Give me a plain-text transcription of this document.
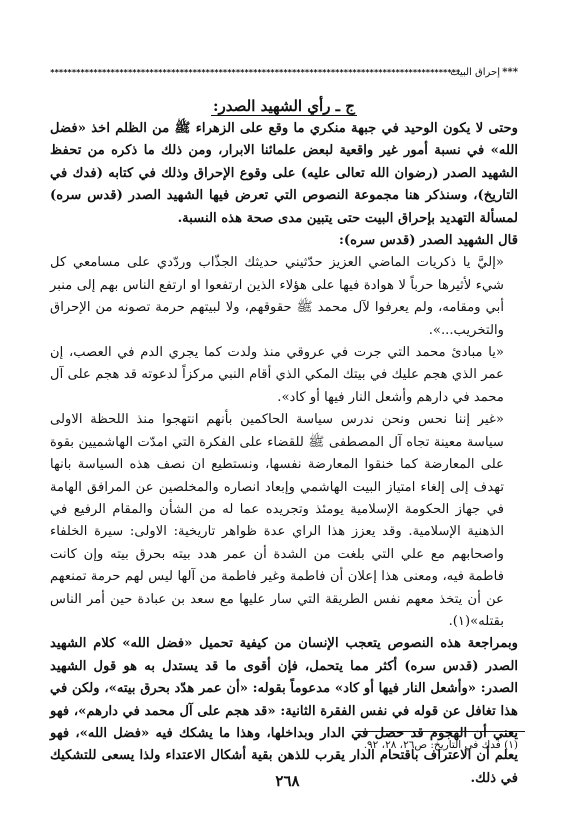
***********************************************************************************************
إحراق البيت ***
ج ـ رأي الشهيد الصدر:

وحتى لا يكون الوحيد في جبهة منكري ما وقع على الزهراء ﷺ من الظلم اخذ «فضل الله» في نسبة أمور غير واقعية لبعض علمائنا الابرار، ومن ذلك ما ذكره من تحفظ الشهيد الصدر (رضوان الله تعالى عليه) على وقوع الإحراق وذلك في كتابه (فدك في التاريخ)، وسنذكر هنا مجموعة النصوص التي تعرض فيها الشهيد الصدر (قدس سره) لمسألة التهديد بإحراق البيت حتى يتبين مدى صحة هذه النسبة.

قال الشهيد الصدر (قدس سره):

«إليَّ يا ذكريات الماضي العزيز حدّثيني حديثك الجذّاب وردّدي على مسامعي كل شيء لأثيرها حرباً لا هوادة فيها على هؤلاء الذين ارتفعوا او ارتفع الناس بهم إلى منبر أبي ومقامه، ولم يعرفوا لآل محمد ﷺ حقوقهم، ولا لبيتهم حرمة تصونه من الإحراق والتخريب...».

«يا مبادئ محمد التي جرت في عروقي منذ ولدت كما يجري الدم في العصب، إن عمر الذي هجم عليك في بيتك المكي الذي أقام النبي مركزاً لدعوته قد هجم على آل محمد في دارهم وأشعل النار فيها أو كاد».

«غير إننا نحس ونحن ندرس سياسة الحاكمين بأنهم انتهجوا منذ اللحظة الاولى سياسة معينة تجاه آل المصطفى ﷺ للقضاء على الفكرة التي امدّت الهاشميين بقوة على المعارضة كما خنقوا المعارضة نفسها، ونستطيع ان نصف هذه السياسة بانها تهدف إلى إلغاء امتياز البيت الهاشمي وإبعاد انصاره والمخلصين عن المرافق الهامة في جهاز الحكومة الإسلامية يومئذ وتجريده عما له من الشأن والمقام الرفيع في الذهنية الإسلامية. وقد يعزز هذا الراي عدة ظواهر تاريخية: الاولى: سيرة الخلفاء واصحابهم مع علي التي بلغت من الشدة أن عمر هدد بيته بحرق بيته وإن كانت فاطمة فيه، ومعنى هذا إعلان أن فاطمة وغير فاطمة من آلها ليس لهم حرمة تمنعهم عن أن يتخذ معهم نفس الطريقة التي سار عليها مع سعد بن عبادة حين أمر الناس بقتله»(١).

وبمراجعة هذه النصوص يتعجب الإنسان من كيفية تحميل «فضل الله» كلام الشهيد الصدر (قدس سره) أكثر مما يتحمل، فإن أقوى ما قد يستدل به هو قول الشهيد الصدر: «وأشعل النار فيها أو كاد» مدعوماً بقوله: «أن عمر هدّد بحرق بيته»، ولكن في هذا تغافل عن قوله في نفس الفقرة الثانية: «قد هجم على آل محمد في دارهم»، فهو يعني أن الهجوم قد حصل في الدار وبداخلها، وهذا ما يشكك فيه «فضل الله»، فهو يعلم أن الاعتراف باقتحام الدار يقرب للذهن بقية أشكال الاعتداء ولذا يسعى للتشكيك في ذلك.

(١) فدك في التاريخ: ص٢٦، ٢٨، ٩٢.
٢٦٨
